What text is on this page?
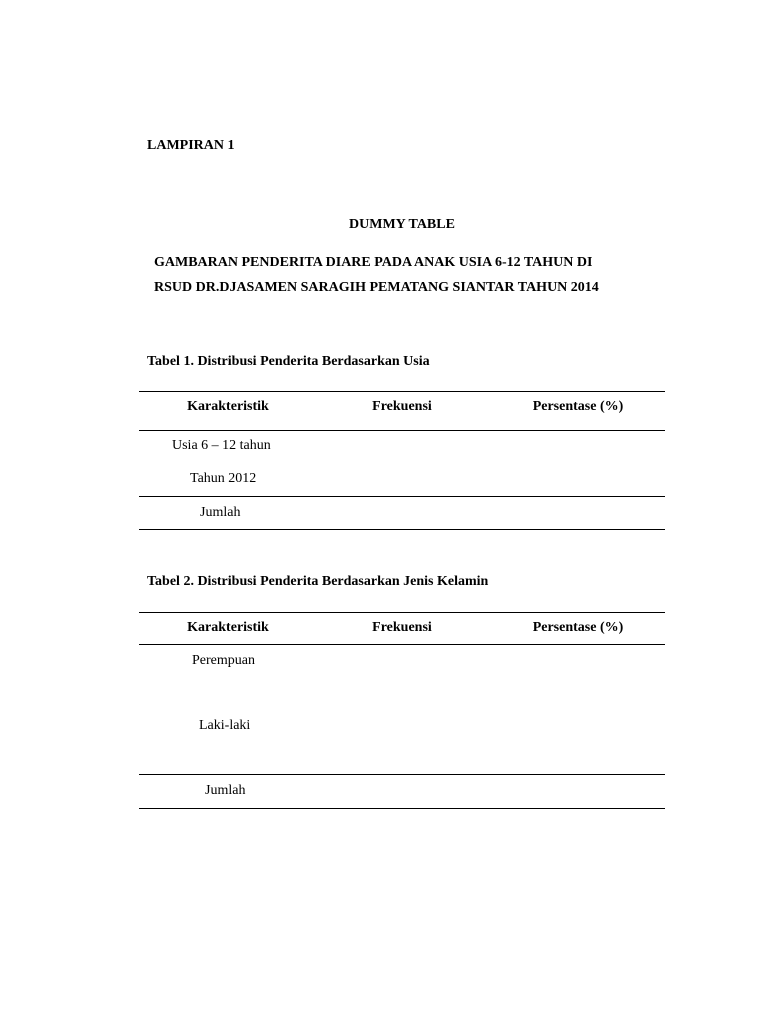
LAMPIRAN 1
DUMMY TABLE
GAMBARAN PENDERITA DIARE PADA ANAK USIA 6-12 TAHUN DI
RSUD DR.DJASAMEN SARAGIH PEMATANG SIANTAR TAHUN 2014
Tabel 1. Distribusi Penderita Berdasarkan Usia
Karakteristik	Frekuensi	Persentase (%)
Usia 6 – 12 tahun
Tahun 2012
Jumlah
Tabel 2. Distribusi Penderita Berdasarkan Jenis Kelamin
Karakteristik	Frekuensi	Persentase (%)
Perempuan
Laki-laki
Jumlah
